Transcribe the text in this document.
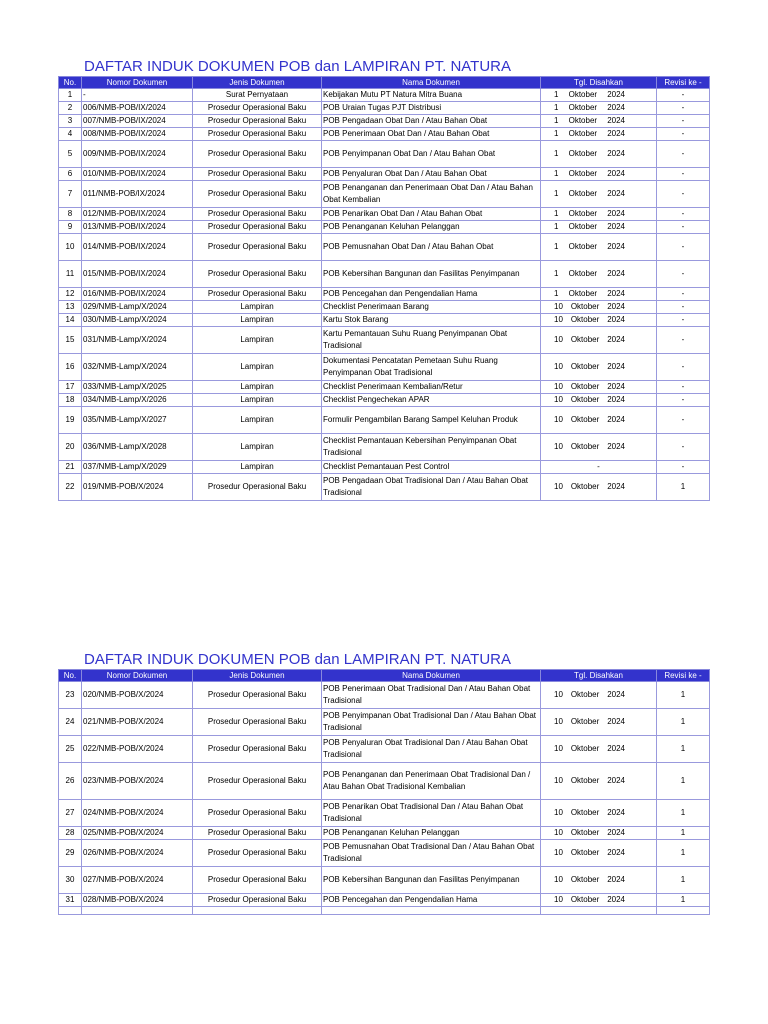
DAFTAR INDUK DOKUMEN POB dan LAMPIRAN PT. NATURA
No.	Nomor Dokumen	Jenis Dokumen	Nama Dokumen	Tgl. Disahkan	Revisi ke -
1	-	Surat Pernyataan	Kebijakan Mutu PT Natura Mitra Buana	1 Oktober 2024	-
2	006/NMB-POB/IX/2024	Prosedur Operasional Baku	POB Uraian Tugas PJT Distribusi	1 Oktober 2024	-
3	007/NMB-POB/IX/2024	Prosedur Operasional Baku	POB Pengadaan Obat Dan / Atau Bahan Obat	1 Oktober 2024	-
4	008/NMB-POB/IX/2024	Prosedur Operasional Baku	POB Penerimaan Obat Dan / Atau Bahan Obat	1 Oktober 2024	-
5	009/NMB-POB/IX/2024	Prosedur Operasional Baku	POB Penyimpanan Obat Dan / Atau Bahan Obat	1 Oktober 2024	-
6	010/NMB-POB/IX/2024	Prosedur Operasional Baku	POB Penyaluran Obat Dan / Atau Bahan Obat	1 Oktober 2024	-
7	011/NMB-POB/IX/2024	Prosedur Operasional Baku	POB Penanganan dan Penerimaan Obat Dan / Atau Bahan Obat Kembalian	1 Oktober 2024	-
8	012/NMB-POB/IX/2024	Prosedur Operasional Baku	POB Penarikan Obat Dan / Atau Bahan Obat	1 Oktober 2024	-
9	013/NMB-POB/IX/2024	Prosedur Operasional Baku	POB Penanganan Keluhan Pelanggan	1 Oktober 2024	-
10	014/NMB-POB/IX/2024	Prosedur Operasional Baku	POB Pemusnahan Obat Dan / Atau Bahan Obat	1 Oktober 2024	-
11	015/NMB-POB/IX/2024	Prosedur Operasional Baku	POB Kebersihan Bangunan dan Fasilitas Penyimpanan	1 Oktober 2024	-
12	016/NMB-POB/IX/2024	Prosedur Operasional Baku	POB Pencegahan dan Pengendalian Hama	1 Oktober 2024	-
13	029/NMB-Lamp/X/2024	Lampiran	Checklist Penerimaan Barang	10 Oktober 2024	-
14	030/NMB-Lamp/X/2024	Lampiran	Kartu Stok Barang	10 Oktober 2024	-
15	031/NMB-Lamp/X/2024	Lampiran	Kartu Pemantauan Suhu Ruang Penyimpanan Obat Tradisional	10 Oktober 2024	-
16	032/NMB-Lamp/X/2024	Lampiran	Dokumentasi Pencatatan Pemetaan Suhu Ruang Penyimpanan Obat Tradisional	10 Oktober 2024	-
17	033/NMB-Lamp/X/2025	Lampiran	Checklist Penerimaan Kembalian/Retur	10 Oktober 2024	-
18	034/NMB-Lamp/X/2026	Lampiran	Checklist Pengechekan APAR	10 Oktober 2024	-
19	035/NMB-Lamp/X/2027	Lampiran	Formulir Pengambilan Barang Sampel Keluhan Produk	10 Oktober 2024	-
20	036/NMB-Lamp/X/2028	Lampiran	Checklist Pemantauan Kebersihan Penyimpanan Obat Tradisional	10 Oktober 2024	-
21	037/NMB-Lamp/X/2029	Lampiran	Checklist Pemantauan Pest Control	-	-
22	019/NMB-POB/X/2024	Prosedur Operasional Baku	POB Pengadaan Obat Tradisional Dan / Atau Bahan Obat Tradisional	10 Oktober 2024	1
DAFTAR INDUK DOKUMEN POB dan LAMPIRAN PT. NATURA
No.	Nomor Dokumen	Jenis Dokumen	Nama Dokumen	Tgl. Disahkan	Revisi ke -
23	020/NMB-POB/X/2024	Prosedur Operasional Baku	POB Penerimaan Obat Tradisional Dan / Atau Bahan Obat Tradisional	10 Oktober 2024	1
24	021/NMB-POB/X/2024	Prosedur Operasional Baku	POB Penyimpanan Obat Tradisional Dan / Atau Bahan Obat Tradisional	10 Oktober 2024	1
25	022/NMB-POB/X/2024	Prosedur Operasional Baku	POB Penyaluran Obat Tradisional Dan / Atau Bahan Obat Tradisional	10 Oktober 2024	1
26	023/NMB-POB/X/2024	Prosedur Operasional Baku	POB Penanganan dan Penerimaan Obat Tradisional Dan / Atau Bahan Obat Tradisional Kembalian	10 Oktober 2024	1
27	024/NMB-POB/X/2024	Prosedur Operasional Baku	POB Penarikan Obat Tradisional Dan / Atau Bahan Obat Tradisional	10 Oktober 2024	1
28	025/NMB-POB/X/2024	Prosedur Operasional Baku	POB Penanganan Keluhan Pelanggan	10 Oktober 2024	1
29	026/NMB-POB/X/2024	Prosedur Operasional Baku	POB Pemusnahan Obat Tradisional Dan / Atau Bahan Obat Tradisional	10 Oktober 2024	1
30	027/NMB-POB/X/2024	Prosedur Operasional Baku	POB Kebersihan Bangunan dan Fasilitas Penyimpanan	10 Oktober 2024	1
31	028/NMB-POB/X/2024	Prosedur Operasional Baku	POB Pencegahan dan Pengendalian Hama	10 Oktober 2024	1
